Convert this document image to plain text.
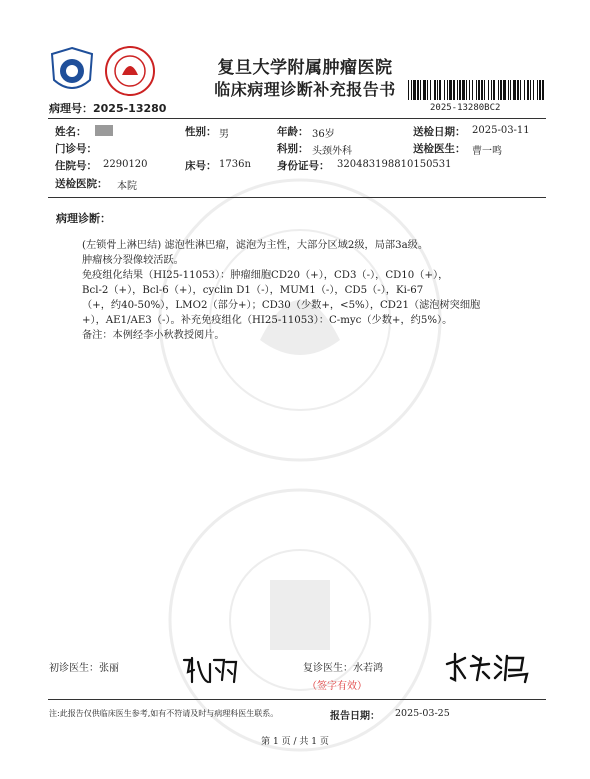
复旦大学附属肿瘤医院
临床病理诊断补充报告书
病理号：2025-13280	2025-13280BC2
姓名：	性别： 男	年龄： 36岁	送检日期： 2025-03-11
门诊号：	科别： 头颈外科	送检医生： 曹一鸣
住院号： 2290120	床号： 1736n 身份证号： 320483198810150531
送检医院： 本院
病理诊断：
(左锁骨上淋巴结) 滤泡性淋巴瘤，滤泡为主性，大部分区域2级，局部3a级。
肿瘤核分裂像较活跃。
免疫组化结果（HI25-11053）：肿瘤细胞CD20（+），CD3（-），CD10（+），
Bcl-2（+），Bcl-6（+），cyclin D1（-），MUM1（-），CD5（-），Ki-67
（+，约40-50%），LMO2（部分+）；CD30（少数+，<5%），CD21（滤泡树突细胞
+），AE1/AE3（-）。补充免疫组化（HI25-11053）：C-myc（少数+，约5%）。
备注：本例经李小秋教授阅片。
初诊医生：张丽	复诊医生：水若鸿
（签字有效）
注:此报告仅供临床医生参考,如有不符请及时与病理科医生联系。	报告日期： 2025-03-25
第 1 页 / 共 1 页
